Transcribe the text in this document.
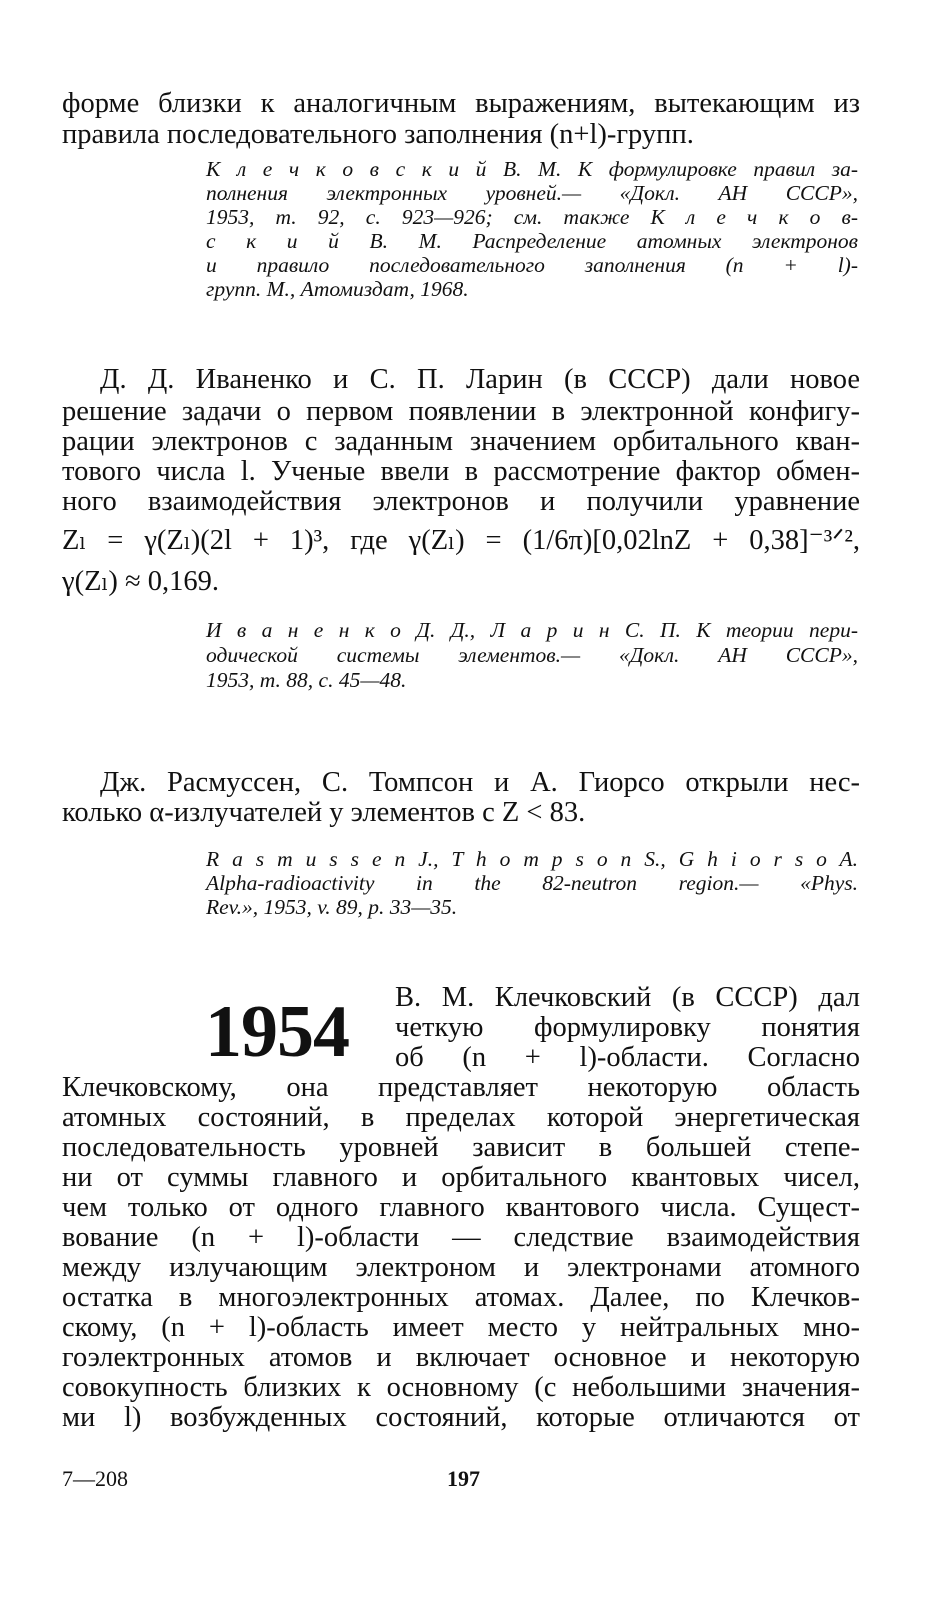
форме близки к аналогичным выражениям, вытекающим из
правила последовательного заполнения (n+l)-групп.
К л е ч к о в с к и й В. М. К формулировке правил за-
полнения электронных уровней.— «Докл. АН СССР»,
1953, т. 92, с. 923—926; см. также К л е ч к о в-
с к и й В. М. Распределение атомных электронов
и правило последовательного заполнения (n + l)-
групп. М., Атомиздат, 1968.
Д. Д. Иваненко и С. П. Ларин (в СССР) дали новое
решение задачи о первом появлении в электронной конфигу-
рации электронов с заданным значением орбитального кван-
тового числа l. Ученые ввели в рассмотрение фактор обмен-
ного взаимодействия электронов и получили уравнение
Zₗ = γ(Zₗ)(2l + 1)³, где γ(Zₗ) = (1/6π)[0,02lnZ + 0,38]⁻³ᐟ²,
γ(Zₗ) ≈ 0,169.
И в а н е н к о Д. Д., Л а р и н С. П. К теории пери-
одической системы элементов.— «Докл. АН СССР»,
1953, т. 88, с. 45—48.
Дж. Расмуссен, С. Томпсон и А. Гиорсо открыли нес-
колько α-излучателей у элементов с Z < 83.
R a s m u s s e n J., T h o m p s o n S., G h i o r s o A.
Alpha-radioactivity in the 82-neutron region.— «Phys.
Rev.», 1953, v. 89, p. 33—35.
1954 В. М. Клечковский (в СССР) дал
четкую формулировку понятия
об (n + l)-области. Согласно
Клечковскому, она представляет некоторую область
атомных состояний, в пределах которой энергетическая
последовательность уровней зависит в большей степе-
ни от суммы главного и орбитального квантовых чисел,
чем только от одного главного квантового числа. Сущест-
вование (n + l)-области — следствие взаимодействия
между излучающим электроном и электронами атомного
остатка в многоэлектронных атомах. Далее, по Клечков-
скому, (n + l)-область имеет место у нейтральных мно-
гоэлектронных атомов и включает основное и некоторую
совокупность близких к основному (с небольшими значения-
ми l) возбужденных состояний, которые отличаются от
7—208	197
